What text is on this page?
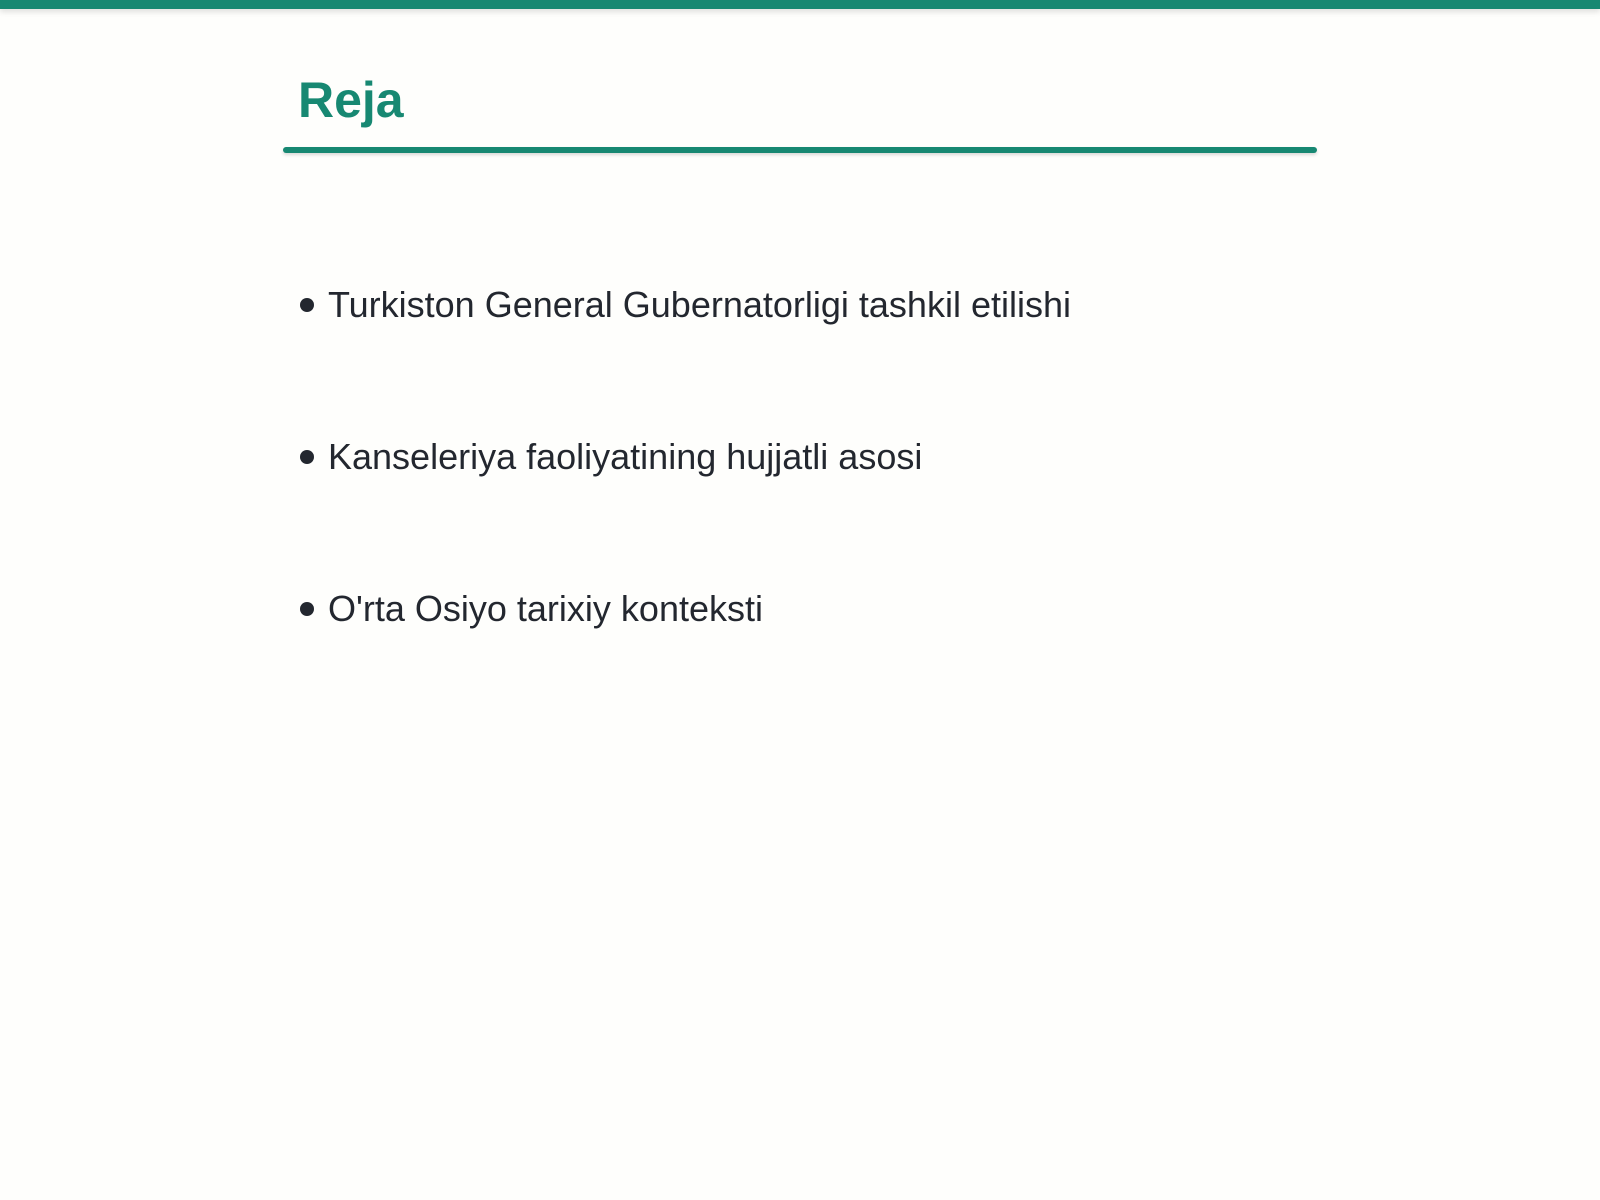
Reja
Turkiston General Gubernatorligi tashkil etilishi
Kanseleriya faoliyatining hujjatli asosi
O'rta Osiyo tarixiy konteksti
